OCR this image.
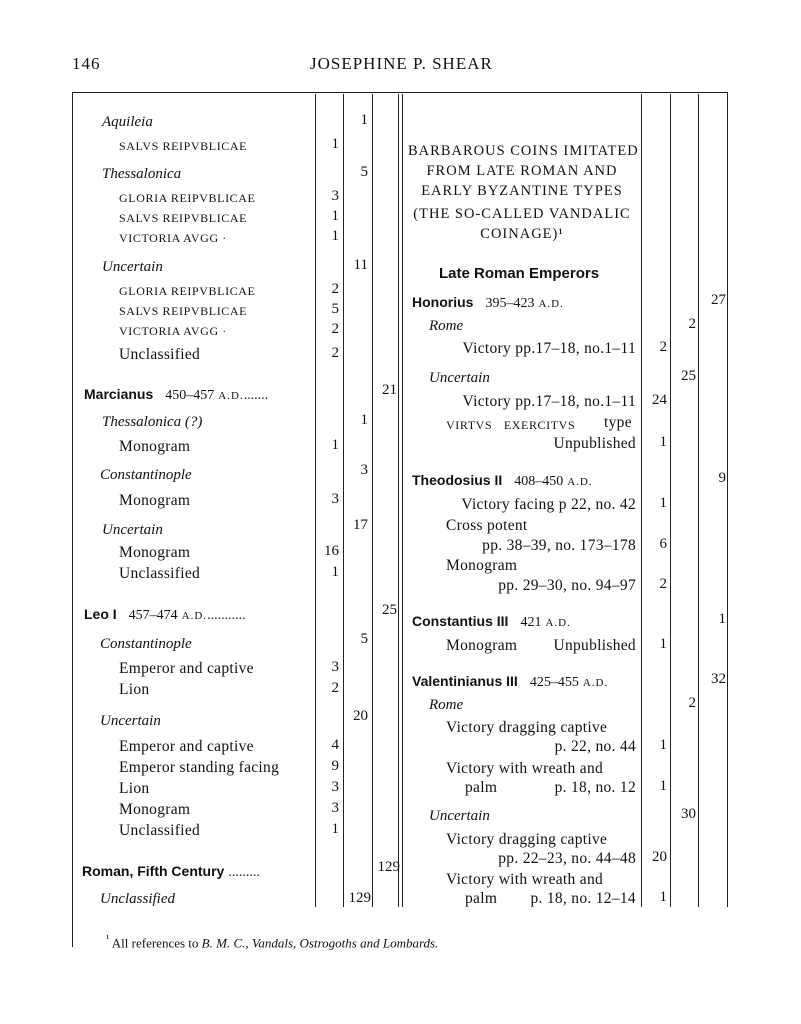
146	JOSEPHINE P. SHEAR
Aquileia	1
SALVS REIPVBLICAE	1
Thessalonica	5
GLORIA REIPVBLICAE	3
SALVS REIPVBLICAE	1
VICTORIA AVGG ·	1
Uncertain	11
GLORIA REIPVBLICAE	2
SALVS REIPVBLICAE	5
VICTORIA AVGG ·	2
Unclassified	2
Marcianus 450–457 A.D........	21
Thessalonica (?)	1
Monogram	1
Constantinople	3
Monogram	3
Uncertain	17
Monogram	16
Unclassified	1
Leo I 457–474 A.D............	25
Constantinople	5
Emperor and captive	3
Lion	2
Uncertain	20
Emperor and captive	4
Emperor standing facing	9
Lion	3
Monogram	3
Unclassified	1
Roman, Fifth Century .........	129
Unclassified	129
BARBAROUS COINS IMITATED
FROM LATE ROMAN AND
EARLY BYZANTINE TYPES
(THE SO-CALLED VANDALIC
COINAGE)¹
Late Roman Emperors
Honorius 395–423 A.D.	27
Rome	2
Victory pp.17–18, no.1–11	2
Uncertain	25
Victory pp.17–18, no.1–11	24
VIRTVS EXERCITVS type
Unpublished	1
Theodosius II 408–450 A.D.	9
Victory facing p 22, no. 42	1
Cross potent
pp. 38–39, no. 173–178	6
Monogram
pp. 29–30, no. 94–97	2
Constantius III 421 A.D.	1
Monogram	Unpublished	1
Valentinianus III 425–455 A.D.	32
Rome	2
Victory dragging captive
p. 22, no. 44	1
Victory with wreath and
palm	p. 18, no. 12	1
Uncertain	30
Victory dragging captive
pp. 22–23, no. 44–48	20
Victory with wreath and
palm	p. 18, no. 12–14	1
$^{^1}$ All references to B. M. C., Vandals, Ostrogoths and Lombards.
